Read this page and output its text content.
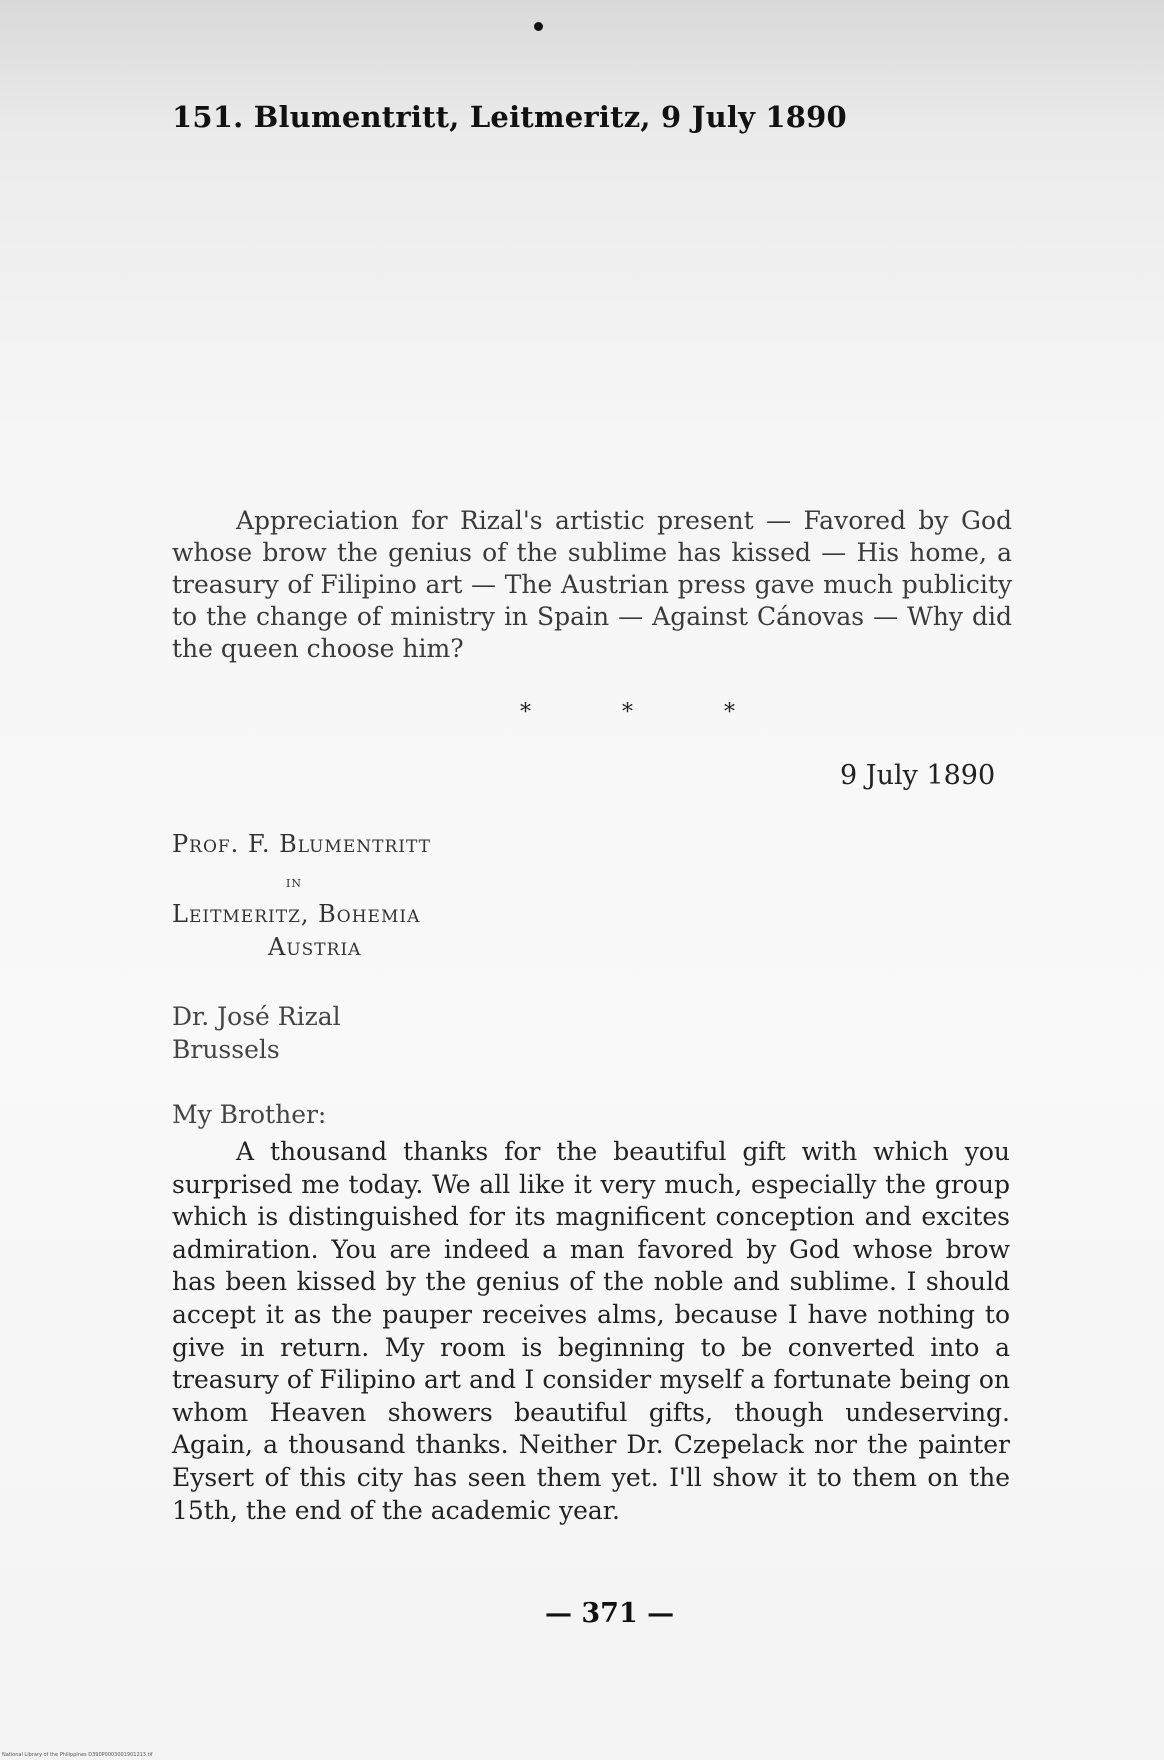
151. Blumentritt, Leitmeritz, 9 July 1890
Appreciation for Rizal's artistic present — Favored by God whose brow the genius of the sublime has kissed — His home, a treasury of Filipino art — The Austrian press gave much publicity to the change of ministry in Spain — Against Cánovas — Why did the queen choose him?
* * *
9 July 1890
Prof. F. Blumentritt
in
Leitmeritz, Bohemia
Austria
Dr. José Rizal
Brussels
My Brother:
A thousand thanks for the beautiful gift with which you surprised me today. We all like it very much, especially the group which is distinguished for its magnificent conception and excites admiration. You are indeed a man favored by God whose brow has been kissed by the genius of the noble and sublime. I should accept it as the pauper receives alms, because I have nothing to give in return. My room is beginning to be converted into a treasury of Filipino art and I consider myself a fortunate being on whom Heaven showers beautiful gifts, though undeserving. Again, a thousand thanks. Neither Dr. Czepelack nor the painter Eysert of this city has seen them yet. I'll show it to them on the 15th, the end of the academic year.
— 371 —
National Library of the Philippines D390P0003001901213.tif
